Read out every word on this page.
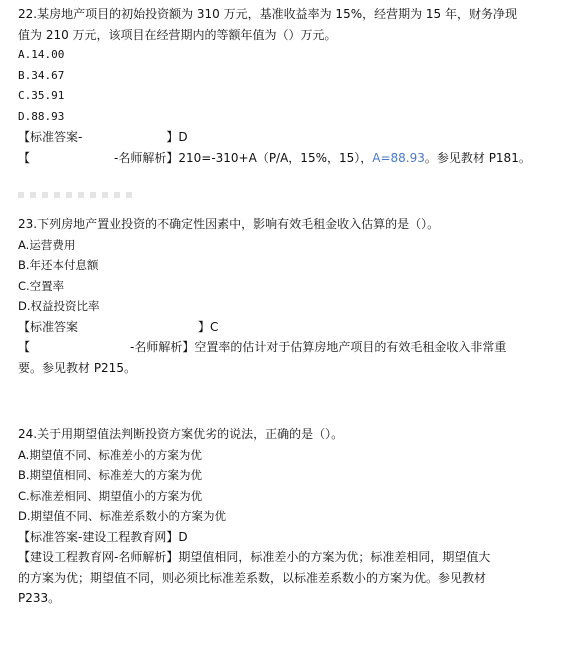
22.某房地产项目的初始投资额为 310 万元，基准收益率为 15%，经营期为 15 年，财务净现
值为 210 万元，该项目在经营期内的等额年值为（）万元。
A.14.00
B.34.67
C.35.91
D.88.93
【标准答案-	】D
【	-名师解析】210=-310+A（P/A，15%，15），A=88.93。参见教材 P181。
23.下列房地产置业投资的不确定性因素中，影响有效毛租金收入估算的是（）。
A.运营费用
B.年还本付息额
C.空置率
D.权益投资比率
【标准答案	】C
【	-名师解析】空置率的估计对于估算房地产项目的有效毛租金收入非常重
要。参见教材 P215。
24.关于用期望值法判断投资方案优劣的说法，正确的是（）。
A.期望值不同、标准差小的方案为优
B.期望值相同、标准差大的方案为优
C.标准差相同、期望值小的方案为优
D.期望值不同、标准差系数小的方案为优
【标准答案-建设工程教育网】D
【建设工程教育网-名师解析】期望值相同，标准差小的方案为优；标准差相同，期望值大
的方案为优；期望值不同，则必须比标准差系数，以标准差系数小的方案为优。参见教材
P233。
